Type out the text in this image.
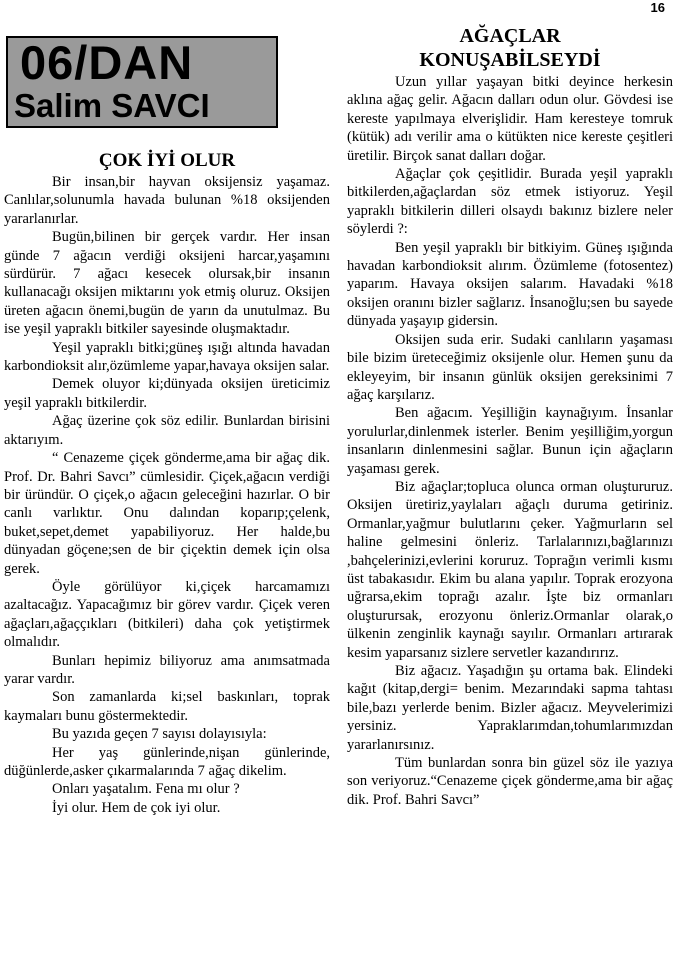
16
06/DAN
Salim SAVCI
ÇOK İYİ OLUR

Bir insan,bir hayvan oksijensiz yaşamaz. Canlılar,solunumla havada bulunan %18 oksijenden yararlanırlar.

Bugün,bilinen bir gerçek vardır. Her insan günde 7 ağacın verdiği oksijeni harcar,yaşamını sürdürür. 7 ağacı kesecek olursak,bir insanın kullanacağı oksijen miktarını yok etmiş oluruz. Oksijen üreten ağacın önemi,bugün de yarın da unutulmaz. Bu ise yeşil yapraklı bitkiler sayesinde oluşmaktadır.

Yeşil yapraklı bitki;güneş ışığı altında havadan karbondioksit alır,özümleme yapar,havaya oksijen salar.

Demek oluyor ki;dünyada oksijen üreticimiz yeşil yapraklı bitkilerdir.

Ağaç üzerine çok söz edilir. Bunlardan birisini aktarıyım.

“ Cenazeme çiçek gönderme,ama bir ağaç dik. Prof. Dr. Bahri Savcı” cümlesidir. Çiçek,ağacın verdiği bir üründür. O çiçek,o ağacın geleceğini hazırlar. O bir canlı varlıktır. Onu dalından koparıp;çelenk, buket,sepet,demet yapabiliyoruz. Her halde,bu dünyadan göçene;sen de bir çiçektin demek için olsa gerek.

Öyle görülüyor ki,çiçek harcamamızı azaltacağız. Yapacağımız bir görev vardır. Çiçek veren ağaçları,ağaççıkları (bitkileri) daha çok yetiştirmek olmalıdır.

Bunları hepimiz biliyoruz ama anımsatmada yarar vardır.

Son zamanlarda ki;sel baskınları, toprak kaymaları bunu göstermektedir.

Bu yazıda geçen 7 sayısı dolayısıyla:

Her yaş günlerinde,nişan günlerinde, düğünlerde,asker çıkarmalarında 7 ağaç dikelim.

Onları yaşatalım. Fena mı olur ?

İyi olur. Hem de çok iyi olur.

AĞAÇLAR
KONUŞABİLSEYDİ

Uzun yıllar yaşayan bitki deyince herkesin aklına ağaç gelir. Ağacın dalları odun olur. Gövdesi ise kereste yapılmaya elverişlidir. Ham keresteye tomruk (kütük) adı verilir ama o kütükten nice kereste çeşitleri üretilir. Birçok sanat dalları doğar.

Ağaçlar çok çeşitlidir. Burada yeşil yapraklı bitkilerden,ağaçlardan söz etmek istiyoruz. Yeşil yapraklı bitkilerin dilleri olsaydı bakınız bizlere neler söylerdi ?:

Ben yeşil yapraklı bir bitkiyim. Güneş ışığında havadan karbondioksit alırım. Özümleme (fotosentez) yaparım. Havaya oksijen salarım. Havadaki %18 oksijen oranını bizler sağlarız. İnsanoğlu;sen bu sayede dünyada yaşayıp gidersin.

Oksijen suda erir. Sudaki canlıların yaşaması bile bizim üreteceğimiz oksijenle olur. Hemen şunu da ekleyeyim, bir insanın günlük oksijen gereksinimi 7 ağaç karşılarız.

Ben ağacım. Yeşilliğin kaynağıyım. İnsanlar yorulurlar,dinlenmek isterler. Benim yeşilliğim,yorgun insanların dinlenmesini sağlar. Bunun için ağaçların yaşaması gerek.

Biz ağaçlar;topluca olunca orman oluştururuz. Oksijen üretiriz,yaylaları ağaçlı duruma getiriniz. Ormanlar,yağmur bulutlarını çeker. Yağmurların sel haline gelmesini önleriz. Tarlalarınızı,bağlarınızı ,bahçelerinizi,evlerini koruruz. Toprağın verimli kısmı üst tabakasıdır. Ekim bu alana yapılır. Toprak erozyona uğrarsa,ekim toprağı azalır. İşte biz ormanları oluşturursak, erozyonu önleriz.Ormanlar olarak,o ülkenin zenginlik kaynağı sayılır. Ormanları artırarak kesim yaparsanız sizlere servetler kazandırırız.

Biz ağacız. Yaşadığın şu ortama bak. Elindeki kağıt (kitap,dergi= benim. Mezarındaki sapma tahtası bile,bazı yerlerde benim. Bizler ağacız. Meyvelerimizi yersiniz. Yapraklarımdan,tohumlarımızdan yararlanırsınız.

Tüm bunlardan sonra bin güzel söz ile yazıya son veriyoruz.“Cenazeme çiçek gönderme,ama bir ağaç dik. Prof. Bahri Savcı”
